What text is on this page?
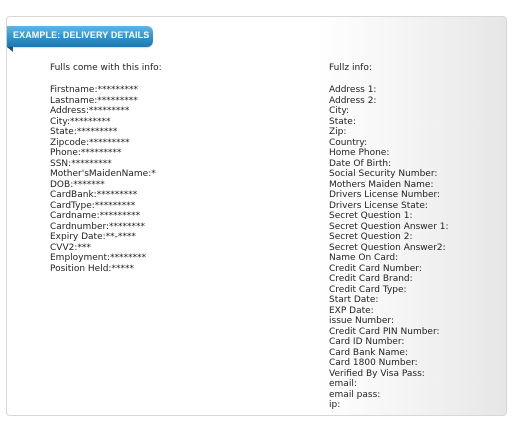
EXAMPLE: DELIVERY DETAILS
Fulls come with this info:	Fullz info:
Firstname:*********
Lastname:*********
Address:*********
City:*********
State:*********
Zipcode:*********
Phone:*********
SSN:*********
Mother'sMaidenName:*
DOB:*******
CardBank:*********
CardType:*********
Cardname:*********
Cardnumber:********
Expiry Date:**-****
CVV2:***
Employment:********
Position Held:*****
Address 1:
Address 2:
City:
State:
Zip:
Country:
Home Phone:
Date Of Birth:
Social Security Number:
Mothers Maiden Name:
Drivers License Number:
Drivers License State:
Secret Question 1:
Secret Question Answer 1:
Secret Question 2:
Secret Question Answer2:
Name On Card:
Credit Card Number:
Credit Card Brand:
Credit Card Type:
Start Date:
EXP Date:
issue Number:
Credit Card PIN Number:
Card ID Number:
Card Bank Name:
Card 1800 Number:
Verified By Visa Pass:
email:
email pass:
ip:
